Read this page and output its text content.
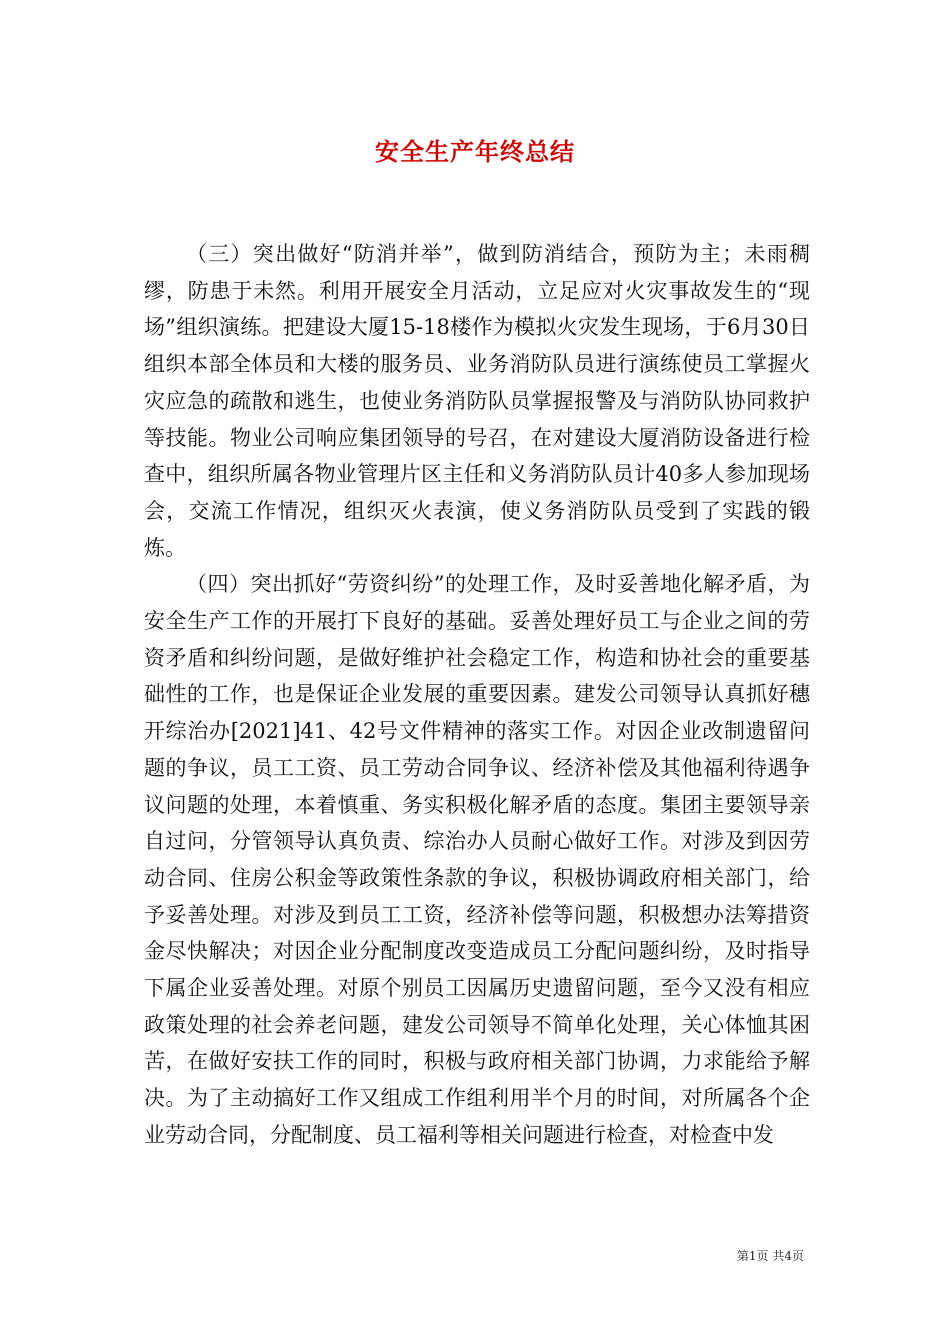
安全生产年终总结

（三）突出做好“防消并举”，做到防消结合，预防为主；未雨稠缪，防患于未然。利用开展安全月活动，立足应对火灾事故发生的“现场”组织演练。把建设大厦15-18楼作为模拟火灾发生现场，于6月30日组织本部全体员和大楼的服务员、业务消防队员进行演练使员工掌握火灾应急的疏散和逃生，也使业务消防队员掌握报警及与消防队协同救护等技能。物业公司响应集团领导的号召，在对建设大厦消防设备进行检查中，组织所属各物业管理片区主任和义务消防队员计40多人参加现场会，交流工作情况，组织灭火表演，使义务消防队员受到了实践的锻炼。

（四）突出抓好“劳资纠纷”的处理工作，及时妥善地化解矛盾，为安全生产工作的开展打下良好的基础。妥善处理好员工与企业之间的劳资矛盾和纠纷问题，是做好维护社会稳定工作，构造和协社会的重要基础性的工作，也是保证企业发展的重要因素。建发公司领导认真抓好穗开综治办[2021]41、42号文件精神的落实工作。对因企业改制遗留问题的争议，员工工资、员工劳动合同争议、经济补偿及其他福利待遇争议问题的处理，本着慎重、务实积极化解矛盾的态度。集团主要领导亲自过问，分管领导认真负责、综治办人员耐心做好工作。对涉及到因劳动合同、住房公积金等政策性条款的争议，积极协调政府相关部门，给予妥善处理。对涉及到员工工资，经济补偿等问题，积极想办法筹措资金尽快解决；对因企业分配制度改变造成员工分配问题纠纷，及时指导下属企业妥善处理。对原个别员工因属历史遗留问题，至今又没有相应政策处理的社会养老问题，建发公司领导不简单化处理，关心体恤其困苦，在做好安扶工作的同时，积极与政府相关部门协调，力求能给予解决。为了主动搞好工作又组成工作组利用半个月的时间，对所属各个企业劳动合同，分配制度、员工福利等相关问题进行检查，对检查中发

第1页 共4页
